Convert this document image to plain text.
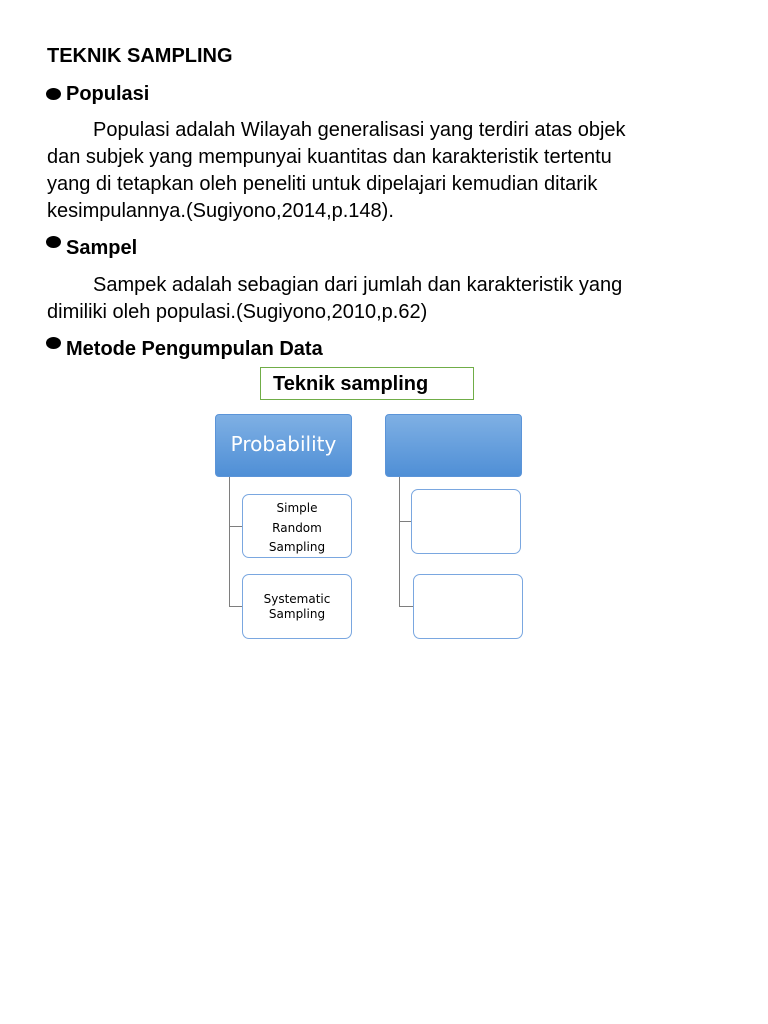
TEKNIK SAMPLING
Populasi

Populasi adalah Wilayah generalisasi yang terdiri atas objek
dan subjek yang mempunyai kuantitas dan karakteristik tertentu
yang di tetapkan oleh peneliti untuk dipelajari kemudian ditarik
kesimpulannya.(Sugiyono,2014,p.148).

Sampel

Sampek adalah sebagian dari jumlah dan karakteristik yang
dimiliki oleh populasi.(Sugiyono,2010,p.62)

Metode Pengumpulan Data
Teknik sampling
Probability
Simple
Random
Sampling
Systematic
Sampling
